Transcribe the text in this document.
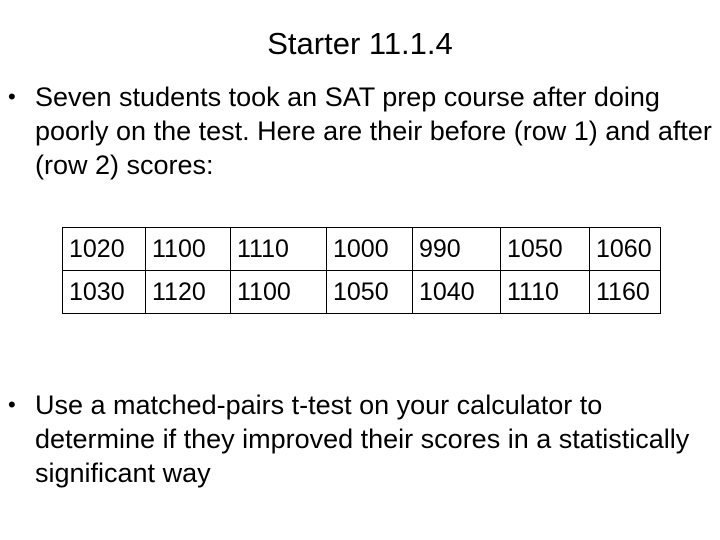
Starter 11.1.4
• Seven students took an SAT prep course after doing poorly on the test. Here are their before (row 1) and after (row 2) scores:
1020	1100	1110	1000	990	1050	1060
1030	1120	1100	1050	1040	1110	1160
• Use a matched-pairs t-test on your calculator to determine if they improved their scores in a statistically significant way
